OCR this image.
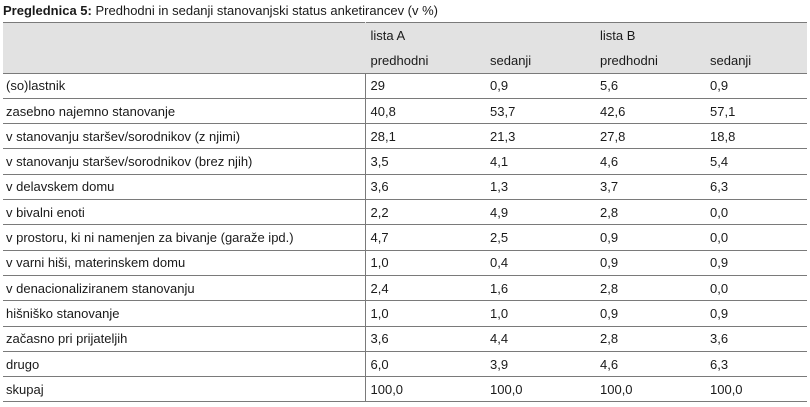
Preglednica 5: Predhodni in sedanji stanovanjski status anketirancev (v %)
	lista A		lista B	
	predhodni	sedanji	predhodni	sedanji
(so)lastnik	29	0,9	5,6	0,9
zasebno najemno stanovanje	40,8	53,7	42,6	57,1
v stanovanju staršev/sorodnikov (z njimi)	28,1	21,3	27,8	18,8
v stanovanju staršev/sorodnikov (brez njih)	3,5	4,1	4,6	5,4
v delavskem domu	3,6	1,3	3,7	6,3
v bivalni enoti	2,2	4,9	2,8	0,0
v prostoru, ki ni namenjen za bivanje (garaže ipd.)	4,7	2,5	0,9	0,0
v varni hiši, materinskem domu	1,0	0,4	0,9	0,9
v denacionaliziranem stanovanju	2,4	1,6	2,8	0,0
hišniško stanovanje	1,0	1,0	0,9	0,9
začasno pri prijateljih	3,6	4,4	2,8	3,6
drugo	6,0	3,9	4,6	6,3
skupaj	100,0	100,0	100,0	100,0
